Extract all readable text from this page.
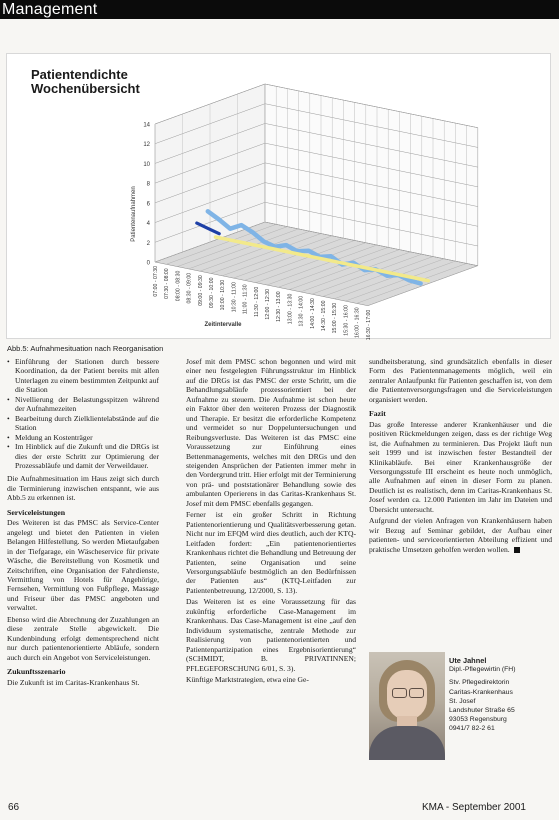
Management
Patientendichte Wochenübersicht
0
2
4
6
8
10
12
14
07:00 - 07:30 07:30 - 08:00 08:00 - 08:30 08:30 - 09:00 09:00 - 09:30 09:30 - 10:00 10:00 - 10:30 10:30 - 11:00 11:00 - 11:30 11:30 - 12:00 12:00 - 12:30 12:30 - 13:00 13:00 - 13:30 13:30 - 14:00 14:00 - 14:30 14:30 - 15:00 15:00 - 15:30 15:30 - 16:00 16:00 - 16:30 16:30 - 17:00
Patientenaufnahmen
Zeitintervalle
Abb.5: Aufnahmesituation nach Reorganisation
• Einführung der Stationen durch bessere Koordination, da der Patient bereits mit allen Unterlagen zu einem bestimmten Zeitpunkt auf die Station
• Nivellierung der Belastungsspitzen während der Aufnahmezeiten
• Bearbeitung durch Zielklientelabstände auf die Station
• Meldung an Kostenträger
• Im Hinblick auf die Zukunft und die DRGs ist dies der erste Schritt zur Optimierung der Prozessabläufe und damit der Verweildauer.

Die Aufnahmesituation im Haus zeigt sich durch die Terminierung inzwischen entspannt, wie aus Abb.5 zu erkennen ist.

Serviceleistungen

Des Weiteren ist das PMSC als Service-Center angelegt und bietet den Patienten in vielen Belangen Hilfestellung. So werden Mietaufgaben in der Tiefgarage, ein Wäscheservice für private Wäsche, die Bereitstellung von Kosmetik und Zeitschriften, eine Organisation der Fahrdienste, Vermittlung von Hotels für Angehörige, Fernsehen, Vermittlung von Fußpflege, Massage und Friseur über das PMSC angeboten und verwaltet.

Ebenso wird die Abrechnung der Zuzahlungen an diese zentrale Stelle abgewickelt. Die Kundenbindung erfolgt dementsprechend nicht nur durch patientenorientierte Abläufe, sondern auch durch ein Angebot von Serviceleistungen.

Zukunftsszenario

Die Zukunft ist im Caritas-Krankenhaus St.

Josef mit dem PMSC schon begonnen und wird mit einer neu festgelegten Führungsstruktur im Hinblick auf die DRGs ist das PMSC der erste Schritt, um die Behandlungsabläufe prozessorientiert bei der Aufnahme zu steuern. Die Aufnahme ist schon heute ein Faktor über den weiteren Prozess der Diagnostik und Therapie. Er besitzt die erforderliche Kompetenz und vermeidet so nur Doppeluntersuchungen und Reibungsverluste. Das Weiteren ist das PMSC eine Voraussetzung zur Einführung eines Bettenmanagements, welches mit den DRGs und den steigenden Ansprüchen der Patienten immer mehr in den Vordergrund tritt. Hier erfolgt mit der Terminierung von prä- und poststationärer Behandlung sowie des ambulanten Operierens in das Caritas-Krankenhaus St. Josef mit dem PMSC ebenfalls gegangen.

Ferner ist ein großer Schritt in Richtung Patientenorientierung und Qualitätsverbesserung getan. Nicht nur im EFQM wird dies deutlich, auch der KTQ-Leitfaden fordert: „Ein patientenorientiertes Krankenhaus richtet die Behandlung und Betreuung der Patienten, seine Organisation und seine Versorgungsabläufe bestmöglich an den Bedürfnissen der Patienten aus“ (KTQ-Leitfaden zur Patientenbetreuung, 12/2000, S. 13).

Das Weiteren ist es eine Voraussetzung für das zukünftig erforderliche Case-Management im Krankenhaus. Das Case-Management ist eine „auf den Individuum systematische, zentrale Methode zur Realisierung von patientenorientierten und Patientenpartizipation eines Ergebnisorientierung“ (SCHMIDT, B. PRIVATINNEN; PFLEGEFORSCHUNG 6/01, S. 3).

Künftige Marktstrategien, etwa eine Ge-

sundheitsberatung, sind grundsätzlich ebenfalls in dieser Form des Patientenmanagements möglich, weil ein zentraler Anlaufpunkt für Patienten geschaffen ist, von dem die Patientenversorgungsfragen und die Serviceleistungen organisiert werden.

Fazit

Das große Interesse anderer Krankenhäuser und die positiven Rückmeldungen zeigen, dass es der richtige Weg ist, die Aufnahmen zu terminieren. Das Projekt läuft nun seit 1999 und ist inzwischen fester Bestandteil der Klinikabläufe. Bei einer Krankenhausgröße der Versorgungsstufe III erscheint es heute noch unmöglich, alle Aufnahmen auf einen in dieser Form zu planen. Deutlich ist es realistisch, denn im Caritas-Krankenhaus St. Josef werden ca. 12.000 Patienten im Jahr im Dateien und Übersicht untersucht.

Aufgrund der vielen Anfragen von Krankenhäusern haben wir Bezug auf Seminar gebildet, der Aufbau einer patienten- und serviceorientierten Abteilung effizient und praktische Umsetzen geholfen werden wollen.

Ute Jahnel
Dipl.-Pflegewirtin (FH)
Stv. Pflegedirektorin
Caritas-Krankenhaus
St. Josef
Landshuter Straße 65
93053 Regensburg
0941/7 82-2 61
66	KMA - September 2001
